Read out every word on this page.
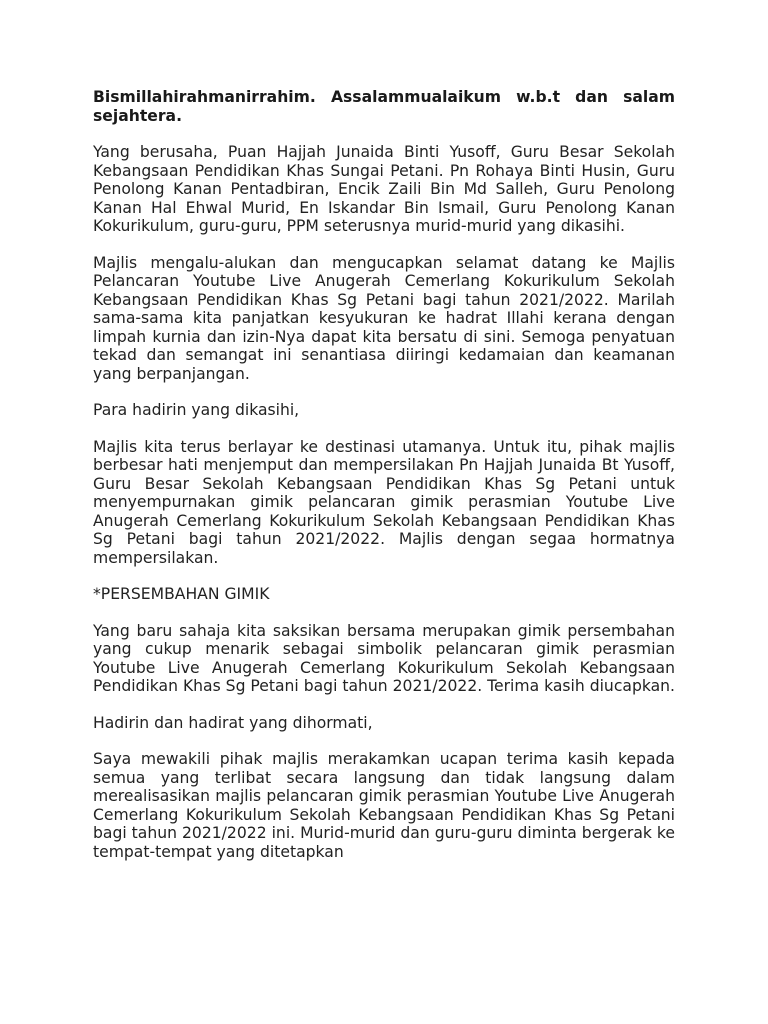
Bismillahirahmanirrahim. Assalammualaikum w.b.t dan salam sejahtera.

Yang berusaha, Puan Hajjah Junaida Binti Yusoff, Guru Besar Sekolah Kebangsaan Pendidikan Khas Sungai Petani. Pn Rohaya Binti Husin, Guru Penolong Kanan Pentadbiran, Encik Zaili Bin Md Salleh, Guru Penolong Kanan Hal Ehwal Murid, En Iskandar Bin Ismail, Guru Penolong Kanan Kokurikulum, guru-guru, PPM seterusnya murid-murid yang dikasihi.

Majlis mengalu-alukan dan mengucapkan selamat datang ke Majlis Pelancaran Youtube Live Anugerah Cemerlang Kokurikulum Sekolah Kebangsaan Pendidikan Khas Sg Petani bagi tahun 2021/2022. Marilah sama-sama kita panjatkan kesyukuran ke hadrat Illahi kerana dengan limpah kurnia dan izin-Nya dapat kita bersatu di sini. Semoga penyatuan tekad dan semangat ini senantiasa diiringi kedamaian dan keamanan yang berpanjangan.

Para hadirin yang dikasihi,

Majlis kita terus berlayar ke destinasi utamanya. Untuk itu, pihak majlis berbesar hati menjemput dan mempersilakan Pn Hajjah Junaida Bt Yusoff, Guru Besar Sekolah Kebangsaan Pendidikan Khas Sg Petani untuk menyempurnakan gimik pelancaran gimik perasmian Youtube Live Anugerah Cemerlang Kokurikulum Sekolah Kebangsaan Pendidikan Khas Sg Petani bagi tahun 2021/2022. Majlis dengan segaa hormatnya mempersilakan.

*PERSEMBAHAN GIMIK

Yang baru sahaja kita saksikan bersama merupakan gimik persembahan yang cukup menarik sebagai simbolik pelancaran gimik perasmian Youtube Live Anugerah Cemerlang Kokurikulum Sekolah Kebangsaan Pendidikan Khas Sg Petani bagi tahun 2021/2022. Terima kasih diucapkan.

Hadirin dan hadirat yang dihormati,

Saya mewakili pihak majlis merakamkan ucapan terima kasih kepada semua yang terlibat secara langsung dan tidak langsung dalam merealisasikan majlis pelancaran gimik perasmian Youtube Live Anugerah Cemerlang Kokurikulum Sekolah Kebangsaan Pendidikan Khas Sg Petani bagi tahun 2021/2022 ini. Murid-murid dan guru-guru diminta bergerak ke tempat-tempat yang ditetapkan
